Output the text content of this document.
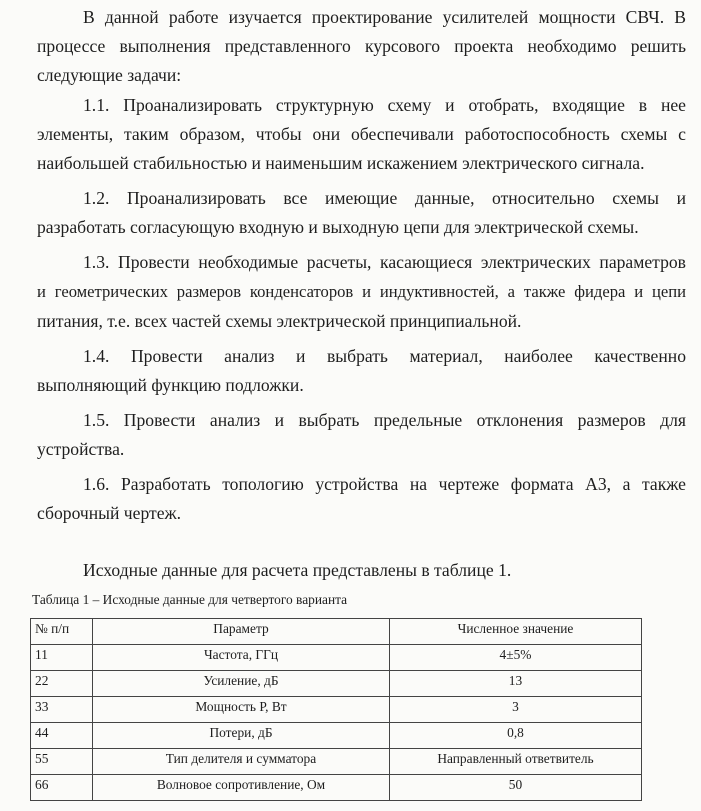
В данной работе изучается проектирование усилителей мощности СВЧ. В
процессе выполнения представленного курсового проекта необходимо решить
следующие задачи:
1.1. Проанализировать структурную схему и отобрать, входящие в нее
элементы, таким образом, чтобы они обеспечивали работоспособность схемы с
наибольшей стабильностью и наименьшим искажением электрического сигнала.
1.2. Проанализировать все имеющие данные, относительно схемы и
разработать согласующую входную и выходную цепи для электрической схемы.
1.3. Провести необходимые расчеты, касающиеся электрических параметров
и геометрических размеров конденсаторов и индуктивностей, а также фидера и цепи
питания, т.е. всех частей схемы электрической принципиальной.
1.4. Провести анализ и выбрать материал, наиболее качественно
выполняющий функцию подложки.
1.5. Провести анализ и выбрать предельные отклонения размеров для
устройства.
1.6. Разработать топологию устройства на чертеже формата А3, а также
сборочный чертеж.
Исходные данные для расчета представлены в таблице 1.
Таблица 1 – Исходные данные для четвертого варианта
№ п/п	Параметр	Численное значение
11	Частота, ГГц	4±5%
22	Усиление, дБ	13
33	Мощность Р, Вт	3
44	Потери, дБ	0,8
55	Тип делителя и сумматора	Направленный ответвитель
66	Волновое сопротивление, Ом	50
